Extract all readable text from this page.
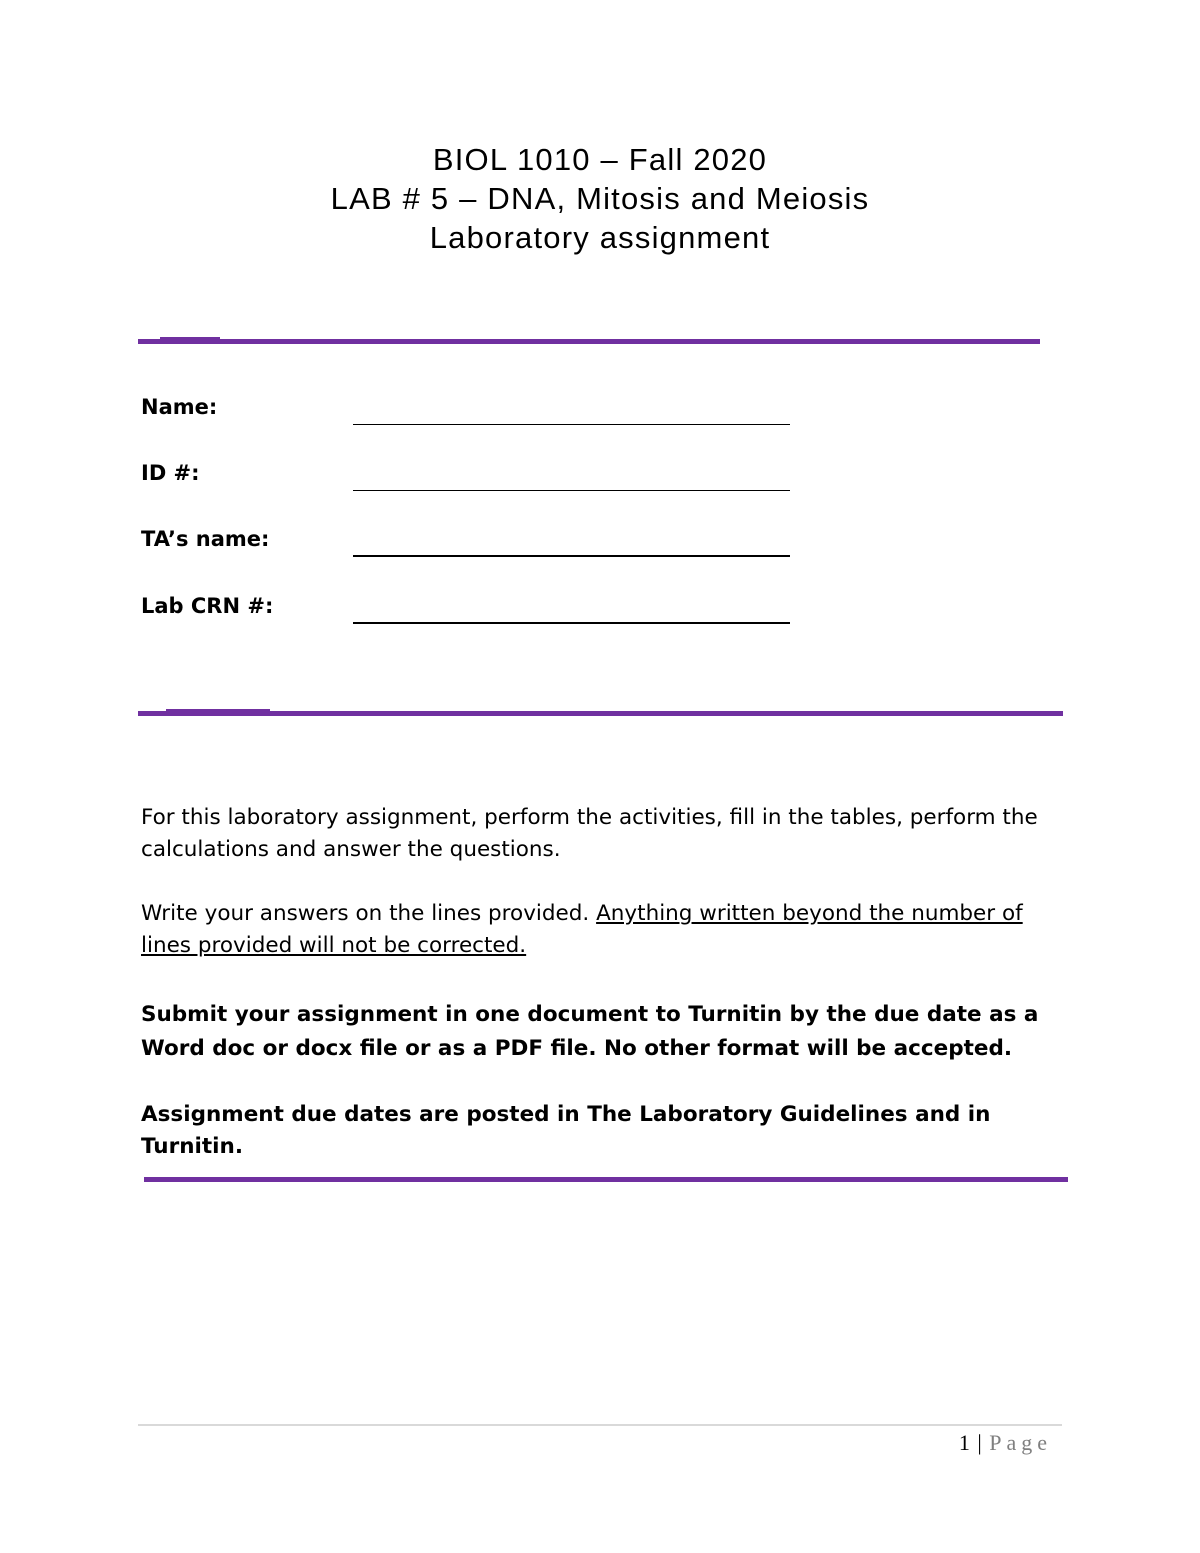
BIOL 1010 – Fall 2020
LAB # 5 – DNA, Mitosis and Meiosis
Laboratory assignment
Name:
ID #:
TA’s name:
Lab CRN #:
For this laboratory assignment, perform the activities, fill in the tables, perform the calculations and answer the questions.
Write your answers on the lines provided. Anything written beyond the number of lines provided will not be corrected.
Submit your assignment in one document to Turnitin by the due date as a Word doc or docx file or as a PDF file. No other format will be accepted.
Assignment due dates are posted in The Laboratory Guidelines and in Turnitin.
1 | Page
